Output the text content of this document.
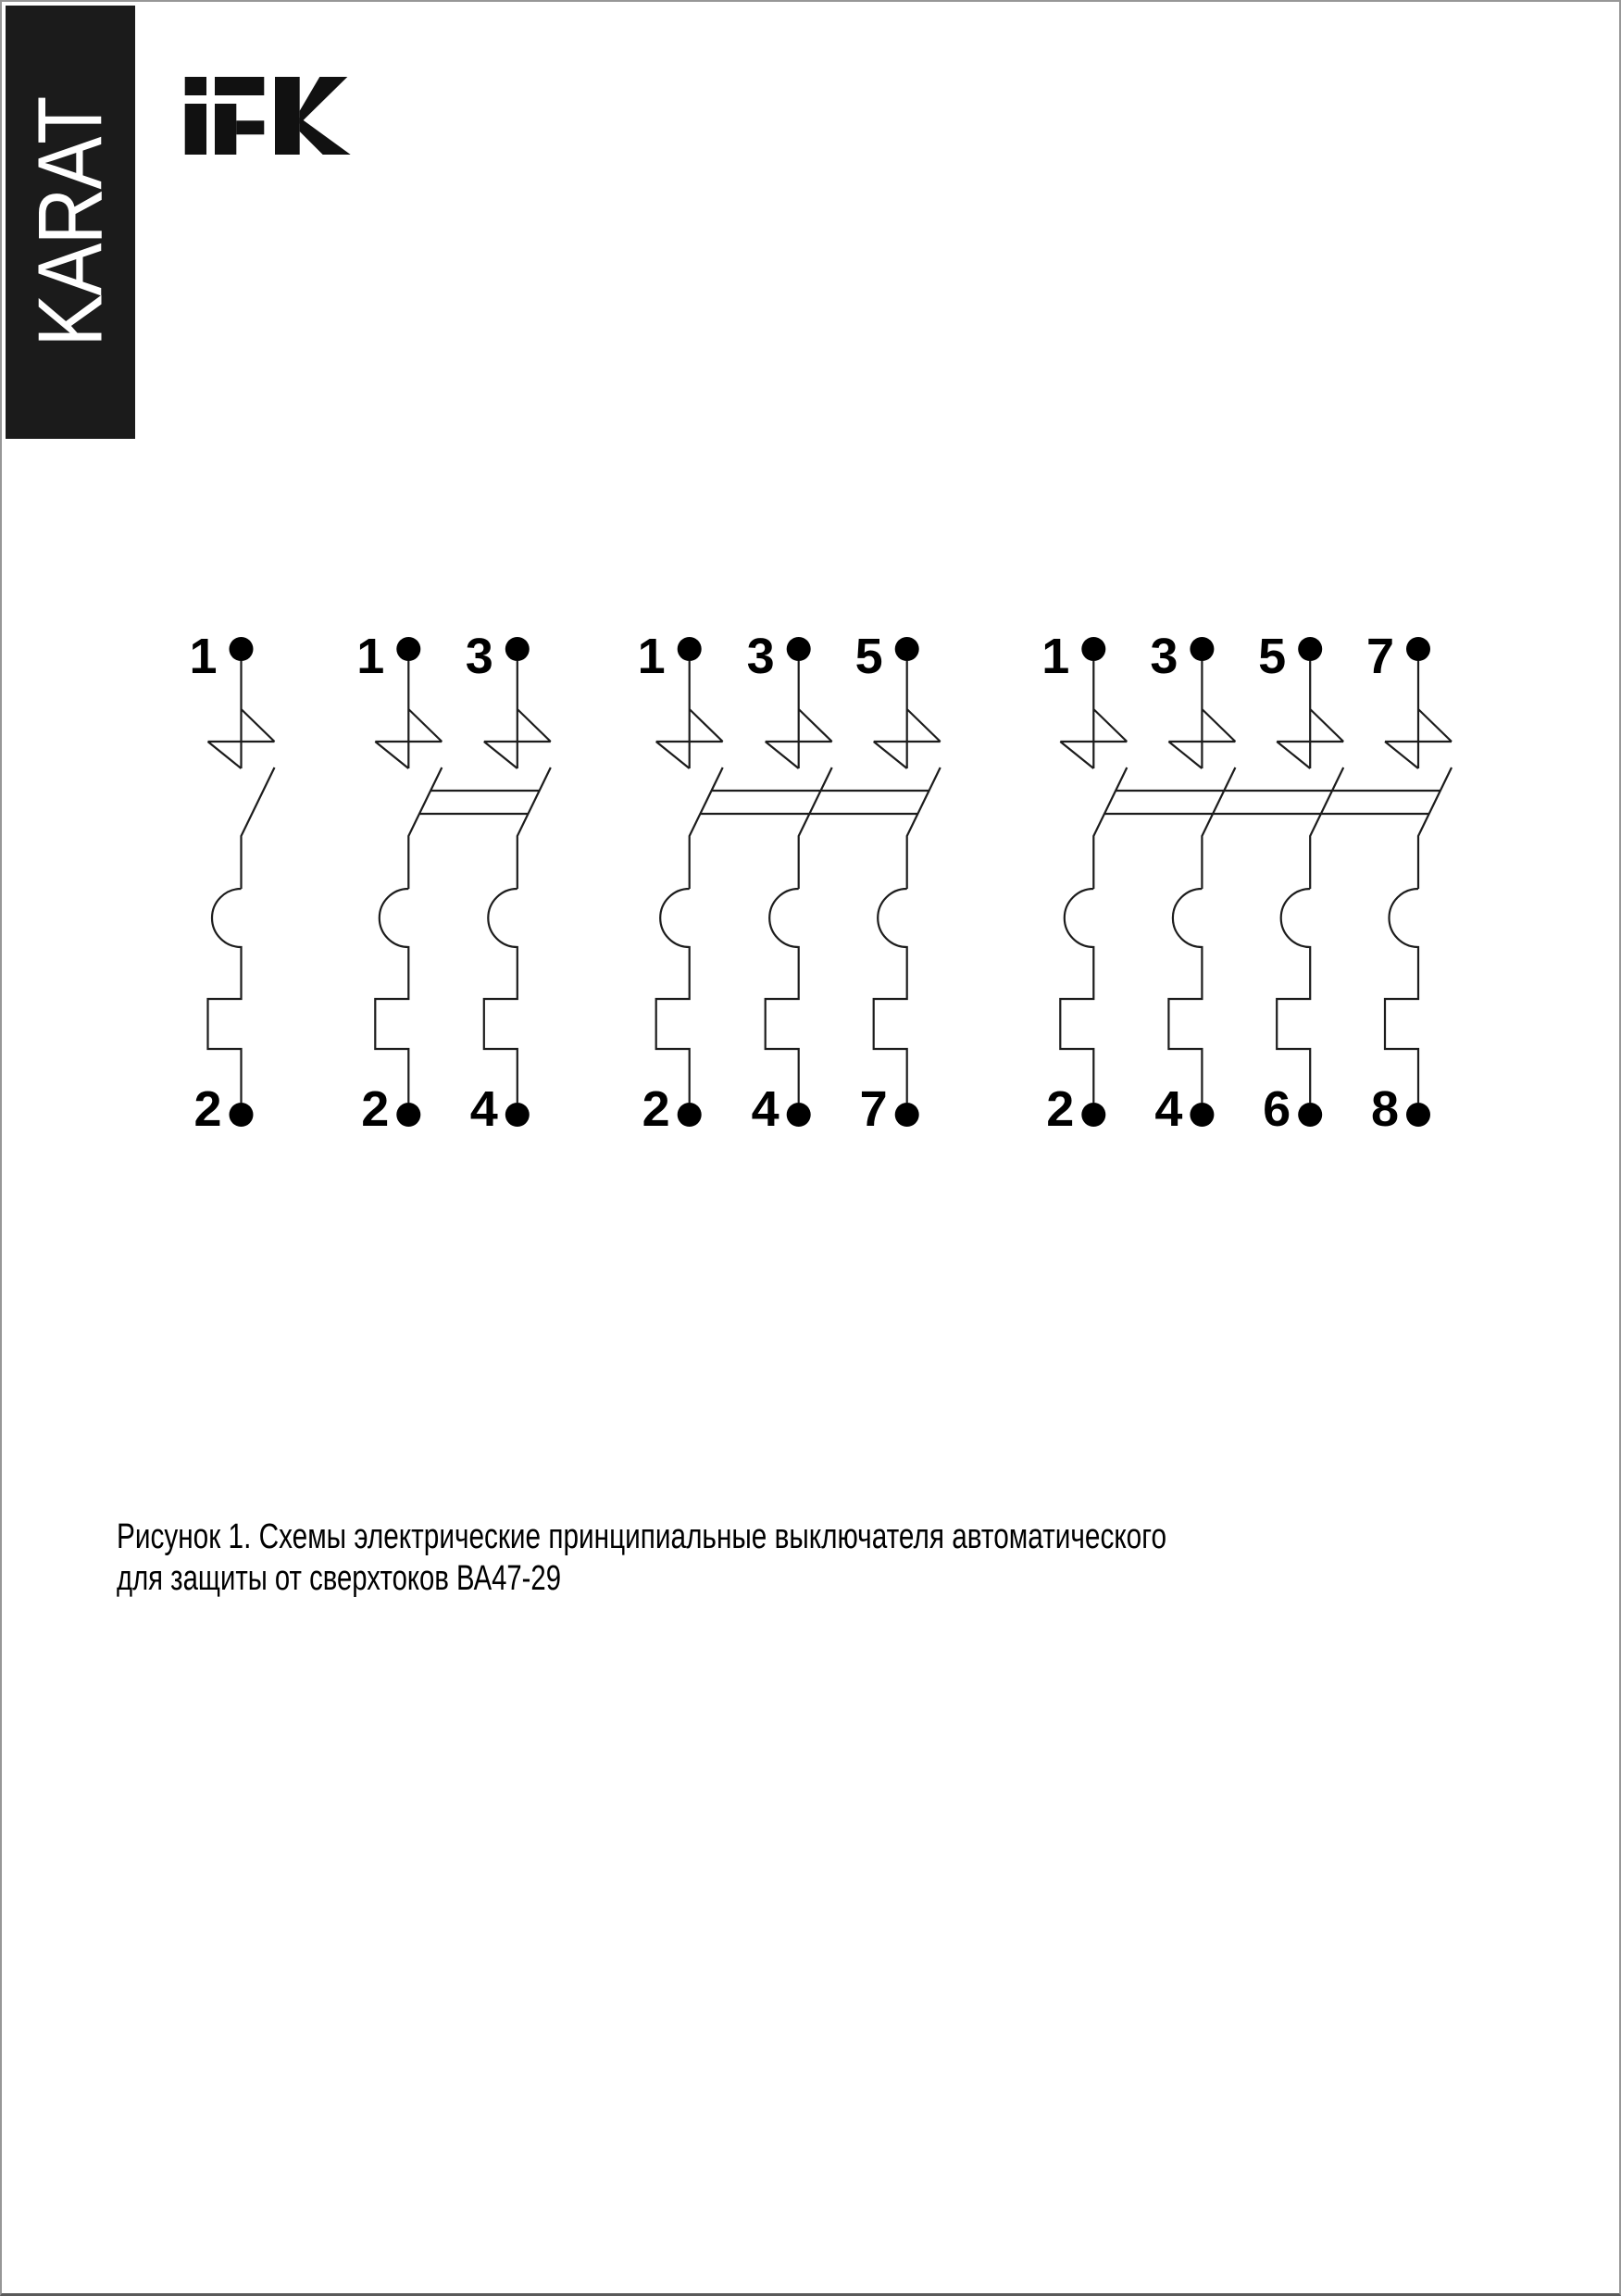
KARAT
1
2
1
2
3
4
1
2
3
4
5
7
1
2
3
4
5
6
7
8
Рисунок 1. Схемы электрические принципиальные выключателя автоматического
для защиты от сверхтоков ВА47-29
